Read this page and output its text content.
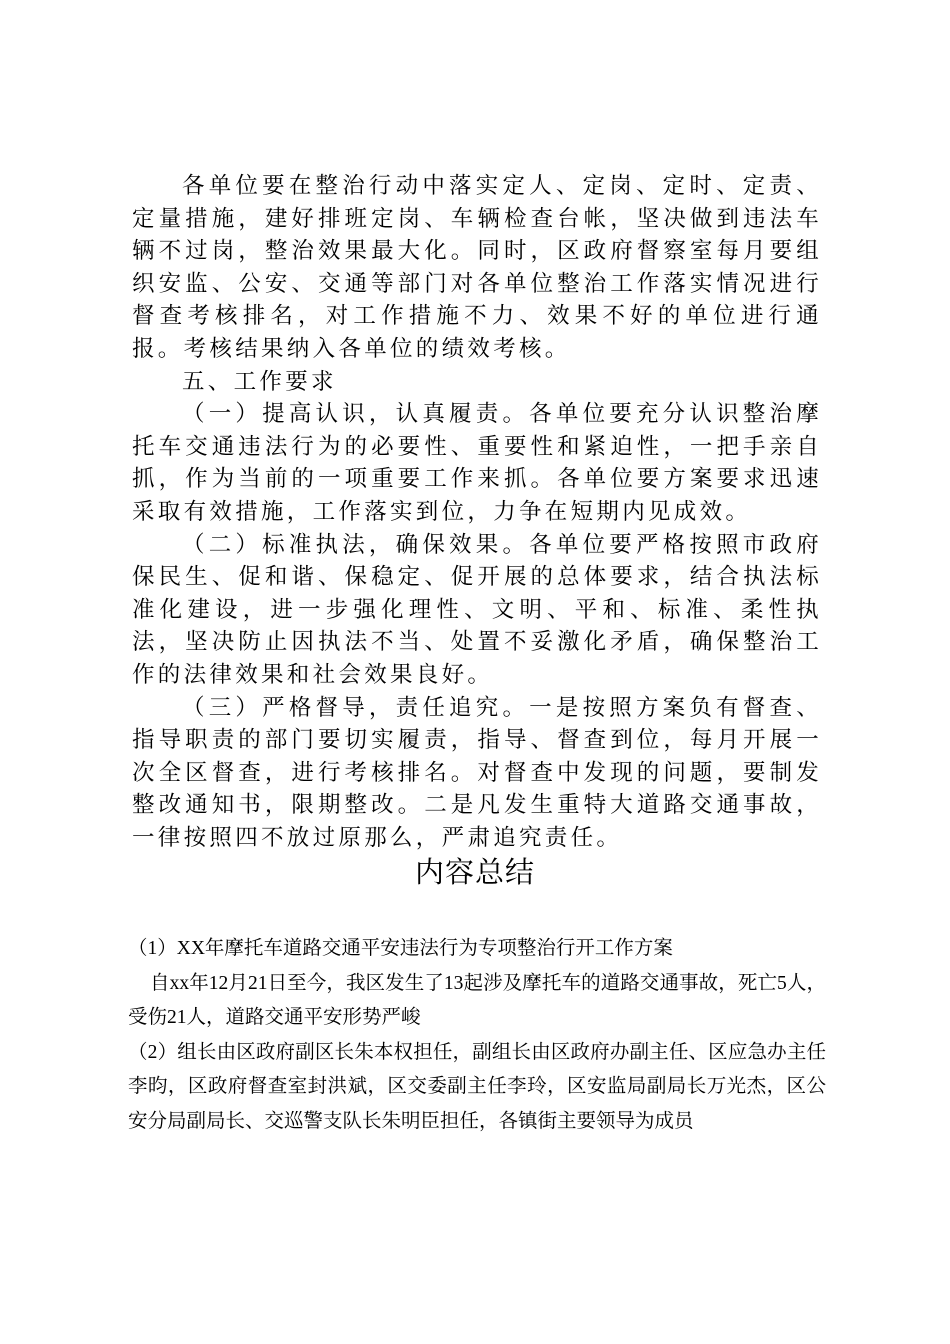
各单位要在整治行动中落实定人、定岗、定时、定责、定量措施，建好排班定岗、车辆检查台帐，坚决做到违法车辆不过岗，整治效果最大化。同时，区政府督察室每月要组织安监、公安、交通等部门对各单位整治工作落实情况进行督查考核排名，对工作措施不力、效果不好的单位进行通报。考核结果纳入各单位的绩效考核。

五、工作要求

（一）提高认识，认真履责。各单位要充分认识整治摩托车交通违法行为的必要性、重要性和紧迫性，一把手亲自抓，作为当前的一项重要工作来抓。各单位要方案要求迅速采取有效措施，工作落实到位，力争在短期内见成效。

（二）标准执法，确保效果。各单位要严格按照市政府保民生、促和谐、保稳定、促开展的总体要求，结合执法标准化建设，进一步强化理性、文明、平和、标准、柔性执法，坚决防止因执法不当、处置不妥激化矛盾，确保整治工作的法律效果和社会效果良好。

（三）严格督导，责任追究。一是按照方案负有督查、指导职责的部门要切实履责，指导、督查到位，每月开展一次全区督查，进行考核排名。对督查中发现的问题，要制发整改通知书，限期整改。二是凡发生重特大道路交通事故，一律按照四不放过原那么，严肃追究责任。

内容总结

（1）XX年摩托车道路交通平安违法行为专项整治行开工作方案

自xx年12月21日至今，我区发生了13起涉及摩托车的道路交通事故，死亡5人，受伤21人，道路交通平安形势严峻

（2）组长由区政府副区长朱本权担任，副组长由区政府办副主任、区应急办主任李昀，区政府督查室封洪斌，区交委副主任李玲，区安监局副局长万光杰，区公安分局副局长、交巡警支队长朱明臣担任，各镇街主要领导为成员
